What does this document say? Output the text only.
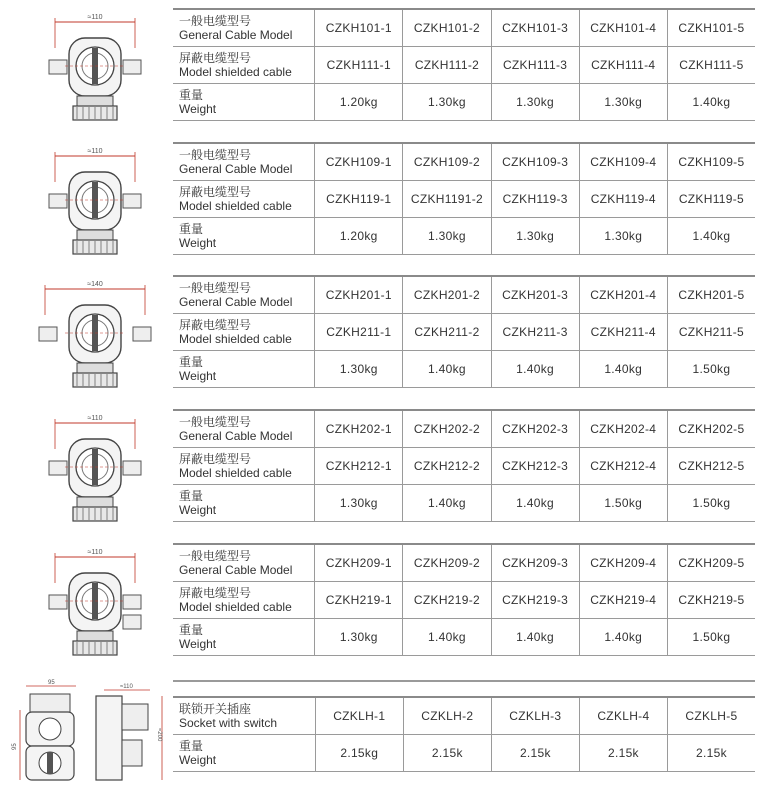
≈110	一般电缆型号
General Cable Model	CZKH101-1	CZKH101-2	CZKH101-3	CZKH101-4	CZKH101-5

屏蔽电缆型号
Model shielded cable	CZKH111-1	CZKH111-2	CZKH111-3	CZKH111-4	CZKH111-5

重量
Weight	1.20kg	1.30kg	1.30kg	1.30kg	1.40kg
≈110	一般电缆型号
General Cable Model	CZKH109-1	CZKH109-2	CZKH109-3	CZKH109-4	CZKH109-5

屏蔽电缆型号
Model shielded cable	CZKH119-1	CZKH1191-2	CZKH119-3	CZKH119-4	CZKH119-5

重量
Weight	1.20kg	1.30kg	1.30kg	1.30kg	1.40kg
≈140	一般电缆型号
General Cable Model	CZKH201-1	CZKH201-2	CZKH201-3	CZKH201-4	CZKH201-5

屏蔽电缆型号
Model shielded cable	CZKH211-1	CZKH211-2	CZKH211-3	CZKH211-4	CZKH211-5

重量
Weight	1.30kg	1.40kg	1.40kg	1.40kg	1.50kg
≈110	一般电缆型号
General Cable Model	CZKH202-1	CZKH202-2	CZKH202-3	CZKH202-4	CZKH202-5

屏蔽电缆型号
Model shielded cable	CZKH212-1	CZKH212-2	CZKH212-3	CZKH212-4	CZKH212-5

重量
Weight	1.30kg	1.40kg	1.40kg	1.50kg	1.50kg
≈110	一般电缆型号
General Cable Model	CZKH209-1	CZKH209-2	CZKH209-3	CZKH209-4	CZKH209-5

屏蔽电缆型号
Model shielded cable	CZKH219-1	CZKH219-2	CZKH219-3	CZKH219-4	CZKH219-5

重量
Weight	1.30kg	1.40kg	1.40kg	1.40kg	1.50kg
95
95
≈110
≈200
联锁开关插座
Socket with switch	CZKLH-1	CZKLH-2	CZKLH-3	CZKLH-4	CZKLH-5

重量
Weight	2.15kg	2.15k	2.15k	2.15k	2.15k
